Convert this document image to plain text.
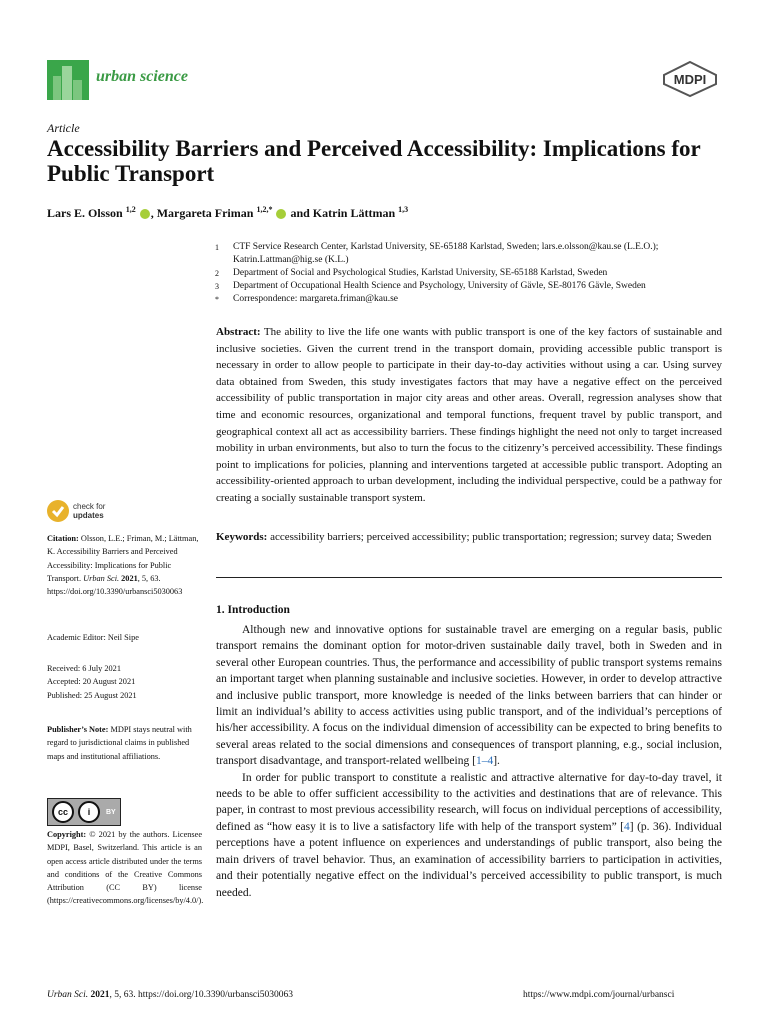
urban science	MDPI
Article
Accessibility Barriers and Perceived Accessibility: Implications for Public Transport
Lars E. Olsson $^{1,2}$ , Margareta Friman $^{1,2,*}$ and Katrin Lättman $^{1,3}$
1	CTF Service Research Center, Karlstad University, SE-65188 Karlstad, Sweden; lars.e.olsson@kau.se (L.E.O.); Katrin.Lattman@hig.se (K.L.)
2	Department of Social and Psychological Studies, Karlstad University, SE-65188 Karlstad, Sweden
3	Department of Occupational Health Science and Psychology, University of Gävle, SE-80176 Gävle, Sweden
*	Correspondence: margareta.friman@kau.se
Abstract: The ability to live the life one wants with public transport is one of the key factors of sustainable and inclusive societies. Given the current trend in the transport domain, providing accessible public transport is necessary in order to allow people to participate in their day-to-day activities without using a car. Using survey data obtained from Sweden, this study investigates factors that may have a negative effect on the perceived accessibility of public transportation in major city areas and other areas. Overall, regression analyses show that time and economic resources, organizational and temporal functions, frequent travel by public transport, and geographical context all act as accessibility barriers. These findings highlight the need not only to target increased mobility in urban environments, but also to turn the focus to the citizenry’s perceived accessibility. These findings point to implications for policies, planning and interventions targeted at accessible public transport. Adopting an accessibility-oriented approach to urban development, including the individual perspective, could be a pathway for creating a socially sustainable transport system.
Keywords: accessibility barriers; perceived accessibility; public transportation; regression; survey data; Sweden
1. Introduction

Although new and innovative options for sustainable travel are emerging on a regular basis, public transport remains the dominant option for motor-driven sustainable daily travel, both in Sweden and in several other European countries. Thus, the performance and accessibility of public transport systems remains an important target when planning sustainable and inclusive societies. However, in order to develop attractive and inclusive public transport, more knowledge is needed of the links between barriers that can hinder or limit an individual’s ability to access activities using public transport, and of the individual’s perceptions of his/her accessibility. A focus on the individual dimension of accessibility can be expected to bring benefits to several areas related to the social dimensions and consequences of transport planning, e.g., social inclusion, transport disadvantage, and transport-related wellbeing [1–4].

In order for public transport to constitute a realistic and attractive alternative for day-to-day travel, it needs to be able to offer sufficient accessibility to the activities and destinations that are of relevance. This paper, in contrast to most previous accessibility research, will focus on individual perceptions of accessibility, defined as “how easy it is to live a satisfactory life with help of the transport system” [4] (p. 36). Individual perceptions have a potent influence on experiences and understandings of public transport, also being the main drivers of travel behavior. Thus, an examination of accessibility barriers to participation in activities, and their potentially negative effect on the individual’s perceived accessibility to public transport, is much needed.

check for
updates
Citation: Olsson, L.E.; Friman, M.; Lättman, K. Accessibility Barriers and Perceived Accessibility: Implications for Public Transport. Urban Sci. 2021, 5, 63. https://doi.org/10.3390/urbansci5030063
Academic Editor: Neil Sipe
Received: 6 July 2021
Accepted: 20 August 2021
Published: 25 August 2021
Publisher’s Note: MDPI stays neutral with regard to jurisdictional claims in published maps and institutional affiliations.
cc	i	BY
Copyright: © 2021 by the authors. Licensee MDPI, Basel, Switzerland. This article is an open access article distributed under the terms and conditions of the Creative Commons Attribution (CC BY) license (https://creativecommons.org/licenses/by/4.0/).
Urban Sci. 2021, 5, 63. https://doi.org/10.3390/urbansci5030063	https://www.mdpi.com/journal/urbansci
